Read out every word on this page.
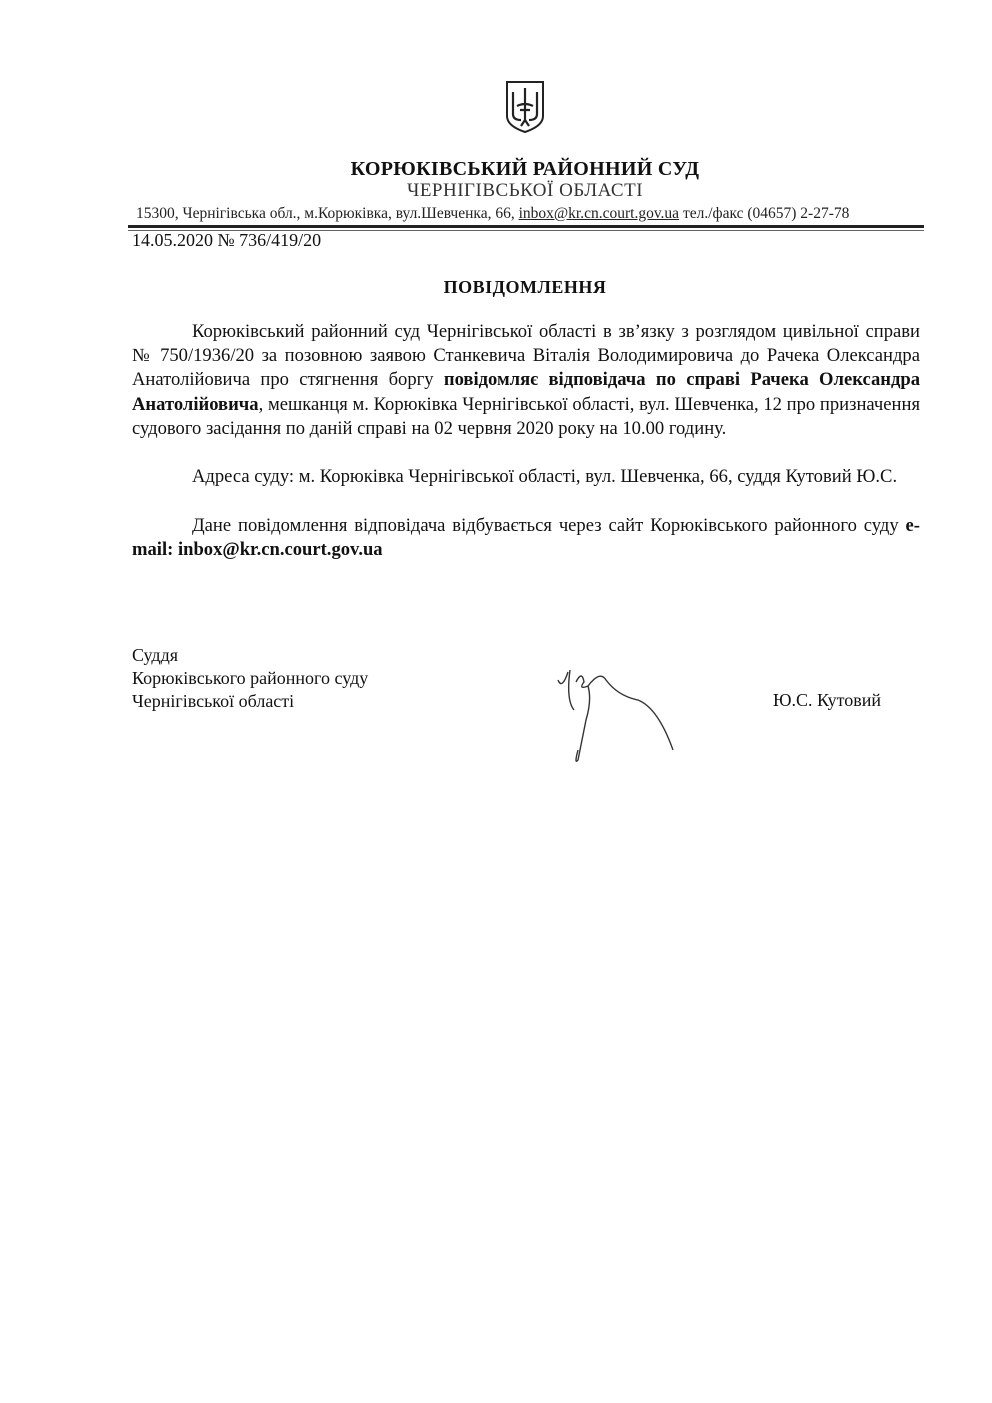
КОРЮКІВСЬКИЙ РАЙОННИЙ СУД
ЧЕРНІГІВСЬКОЇ ОБЛАСТІ
15300, Чернігівська обл., м.Корюківка, вул.Шевченка, 66, inbox@kr.cn.court.gov.ua тел./факс (04657) 2-27-78
14.05.2020 № 736/419/20
ПОВІДОМЛЕННЯ
Корюківський районний суд Чернігівської області в зв’язку з розглядом цивільної справи № 750/1936/20 за позовною заявою Станкевича Віталія Володимировича до Рачека Олександра Анатолійовича про стягнення боргу повідомляє відповідача по справі Рачека Олександра Анатолійовича, мешканця м. Корюківка Чернігівської області, вул. Шевченка, 12 про призначення судового засідання по даній справі на 02 червня 2020 року на 10.00 годину.
Адреса суду: м. Корюківка Чернігівської області, вул. Шевченка, 66, суддя Кутовий Ю.С.
Дане повідомлення відповідача відбувається через сайт Корюківського районного суду e-mail: inbox@kr.cn.court.gov.ua
Суддя
Корюківського районного суду
Чернігівської області	Ю.С. Кутовий
